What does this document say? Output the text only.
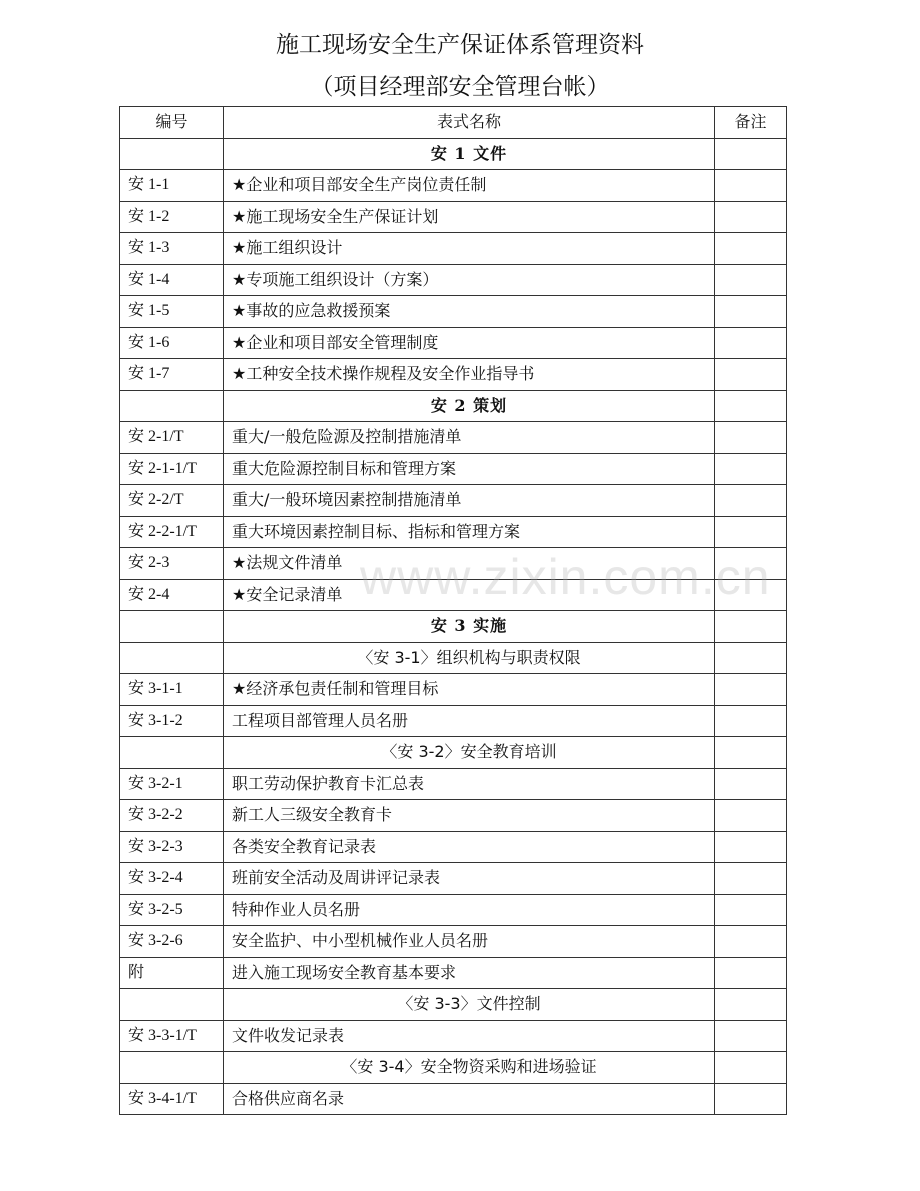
施工现场安全生产保证体系管理资料
（项目经理部安全管理台帐）
编号	表式名称	备注
	安 1 文件	
安 1-1	★企业和项目部安全生产岗位责任制	
安 1-2	★施工现场安全生产保证计划	
安 1-3	★施工组织设计	
安 1-4	★专项施工组织设计（方案）	
安 1-5	★事故的应急救援预案	
安 1-6	★企业和项目部安全管理制度	
安 1-7	★工种安全技术操作规程及安全作业指导书	
	安 2 策划	
安 2-1/T	重大/一般危险源及控制措施清单	
安 2-1-1/T	重大危险源控制目标和管理方案	
安 2-2/T	重大/一般环境因素控制措施清单	
安 2-2-1/T	重大环境因素控制目标、指标和管理方案	
安 2-3	★法规文件清单	
安 2-4	★安全记录清单	
	安 3 实施	
	〈安 3-1〉组织机构与职责权限	
安 3-1-1	★经济承包责任制和管理目标	
安 3-1-2	工程项目部管理人员名册	
	〈安 3-2〉安全教育培训	
安 3-2-1	职工劳动保护教育卡汇总表	
安 3-2-2	新工人三级安全教育卡	
安 3-2-3	各类安全教育记录表	
安 3-2-4	班前安全活动及周讲评记录表	
安 3-2-5	特种作业人员名册	
安 3-2-6	安全监护、中小型机械作业人员名册	
附	进入施工现场安全教育基本要求	
	〈安 3-3〉文件控制	
安 3-3-1/T	文件收发记录表	
	〈安 3-4〉安全物资采购和进场验证	
安 3-4-1/T	合格供应商名录	
www.zixin.com.cn
